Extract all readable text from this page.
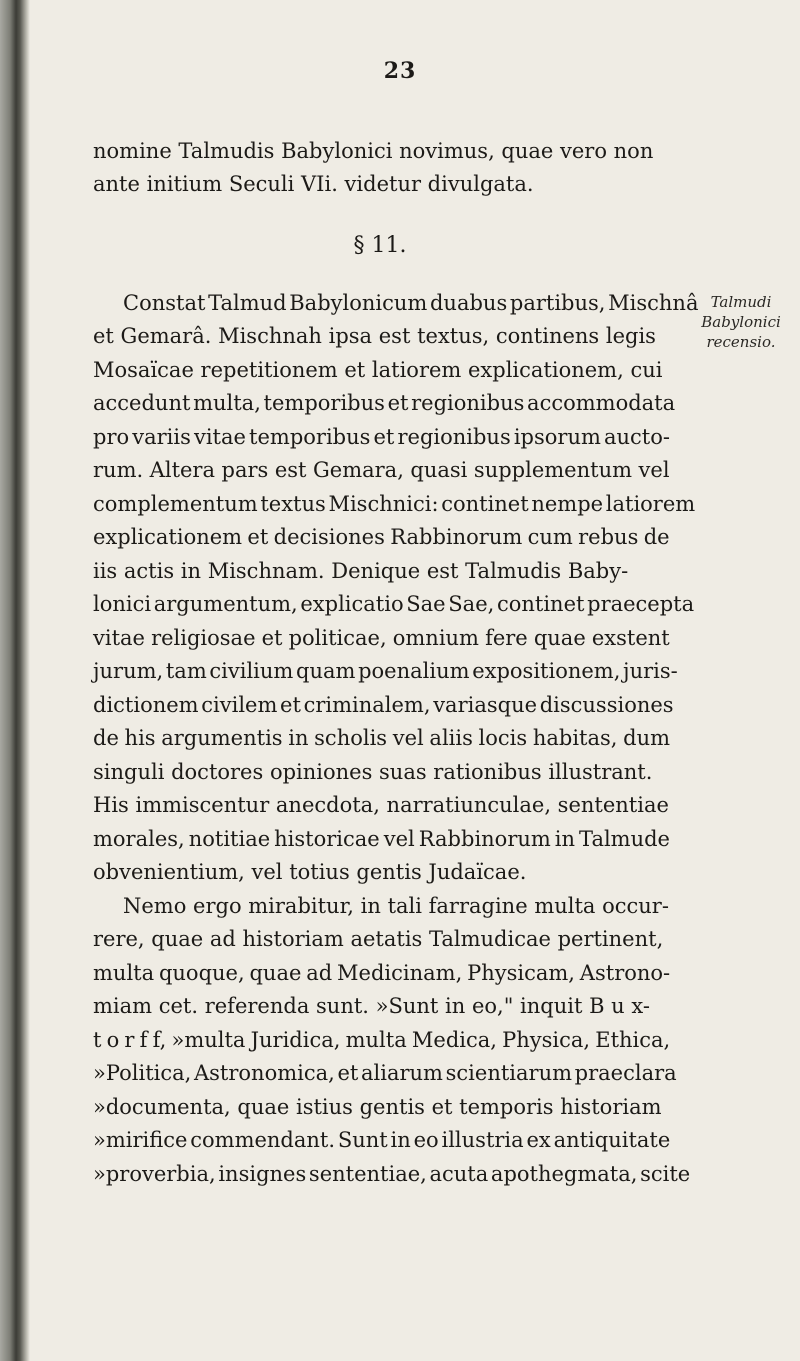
23
nomine Talmudis Babylonici novimus, quae vero non
ante initium Seculi VIi. videtur divulgata.
§ 11.
Constat Talmud Babylonicum duabus partibus, Mischnâ
et Gemarâ. Mischnah ipsa est textus, continens legis
Mosaïcae repetitionem et latiorem explicationem, cui
accedunt multa, temporibus et regionibus accommodata
pro variis vitae temporibus et regionibus ipsorum aucto-
rum. Altera pars est Gemara, quasi supplementum vel
complementum textus Mischnici: continet nempe latiorem
explicationem et decisiones Rabbinorum cum rebus de
iis actis in Mischnam. Denique est Talmudis Baby-
lonici argumentum, explicatio Sae Sae, continet praecepta
vitae religiosae et politicae, omnium fere quae exstent
jurum, tam civilium quam poenalium expositionem, juris-
dictionem civilem et criminalem, variasque discussiones
de his argumentis in scholis vel aliis locis habitas, dum
singuli doctores opiniones suas rationibus illustrant.
His immiscentur anecdota, narratiunculae, sententiae
morales, notitiae historicae vel Rabbinorum in Talmude
obvenientium, vel totius gentis Judaïcae.
Nemo ergo mirabitur, in tali farragine multa occur-
rere, quae ad historiam aetatis Talmudicae pertinent,
multa quoque, quae ad Medicinam, Physicam, Astrono-
miam cet. referenda sunt. »Sunt in eo," inquit B u x-
t o r f f, »multa Juridica, multa Medica, Physica, Ethica,
»Politica, Astronomica, et aliarum scientiarum praeclara
»documenta, quae istius gentis et temporis historiam
»mirifice commendant. Sunt in eo illustria ex antiquitate
»proverbia, insignes sententiae, acuta apothegmata, scite
Talmudi
Babylonici
recensio.
